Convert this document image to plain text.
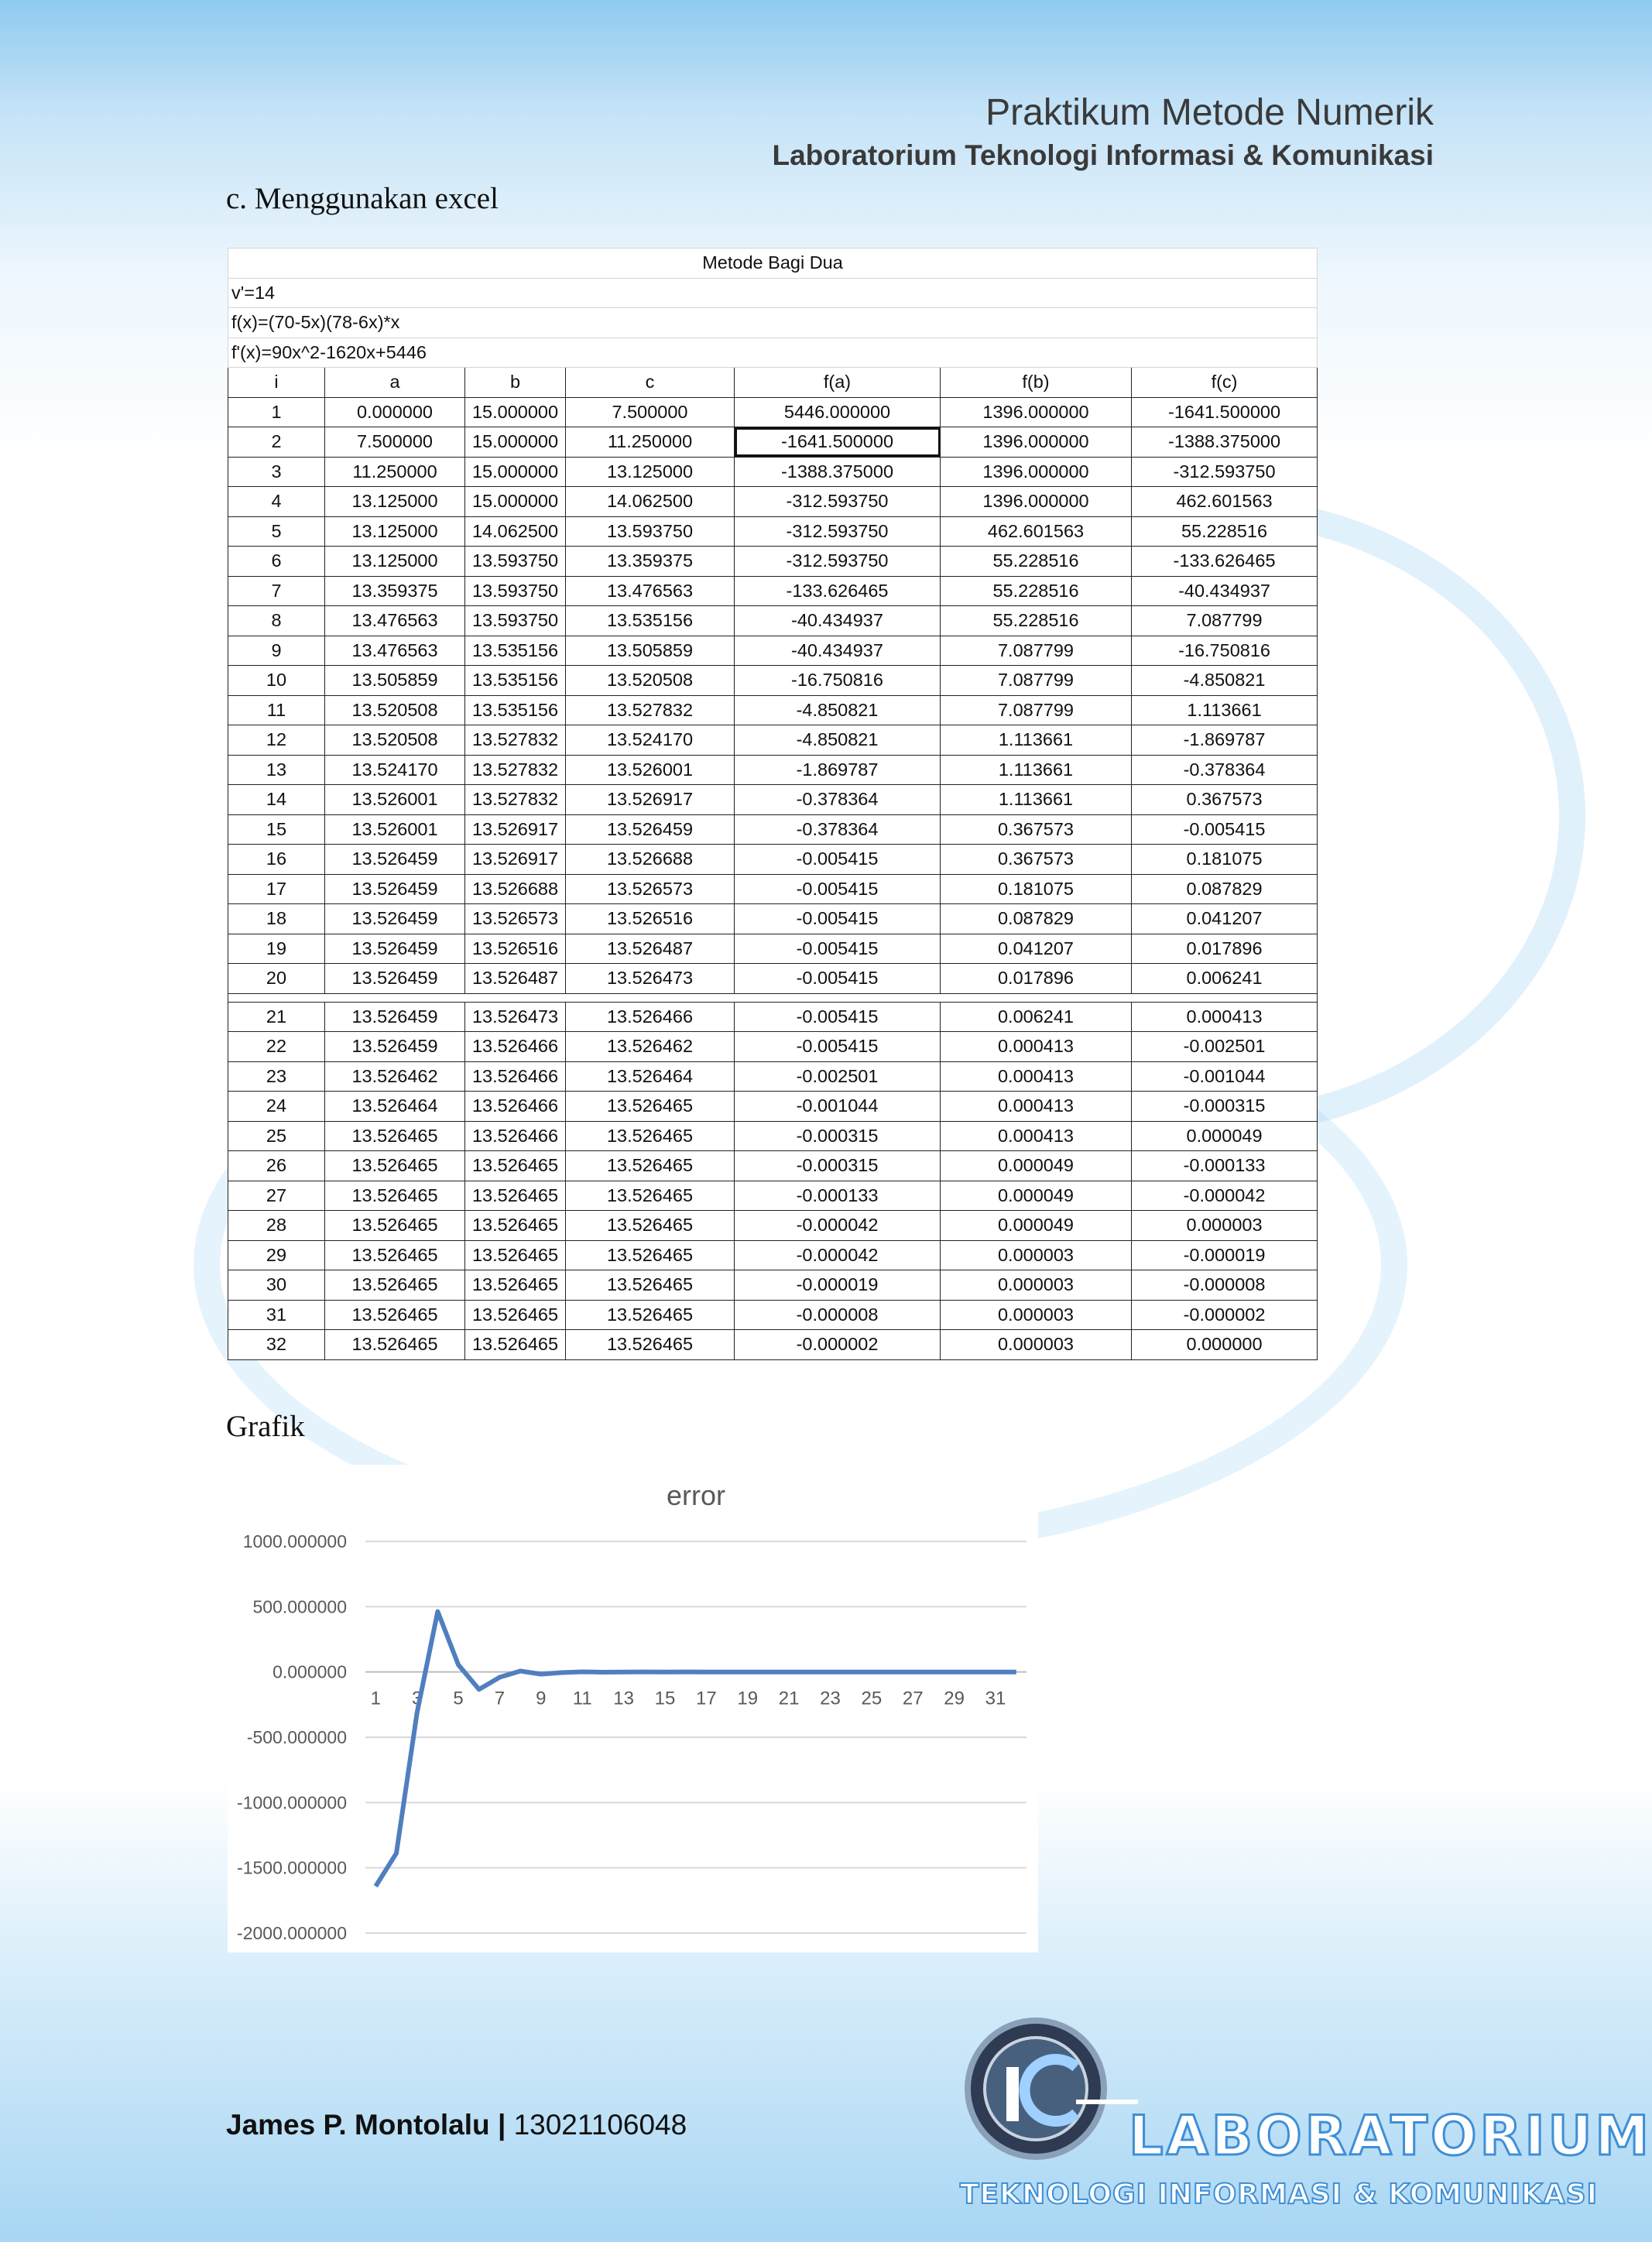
Praktikum Metode Numerik
Laboratorium Teknologi Informasi & Komunikasi
c. Menggunakan excel
Metode Bagi Dua						
v'=14						
f(x)=(70-5x)(78-6x)*x						
f'(x)=90x^2-1620x+5446						
i	a	b	c	f(a)	f(b)	f(c)
1	0.000000	15.000000	7.500000	5446.000000	1396.000000	-1641.500000
2	7.500000	15.000000	11.250000	-1641.500000	1396.000000	-1388.375000
3	11.250000	15.000000	13.125000	-1388.375000	1396.000000	-312.593750
4	13.125000	15.000000	14.062500	-312.593750	1396.000000	462.601563
5	13.125000	14.062500	13.593750	-312.593750	462.601563	55.228516
6	13.125000	13.593750	13.359375	-312.593750	55.228516	-133.626465
7	13.359375	13.593750	13.476563	-133.626465	55.228516	-40.434937
8	13.476563	13.593750	13.535156	-40.434937	55.228516	7.087799
9	13.476563	13.535156	13.505859	-40.434937	7.087799	-16.750816
10	13.505859	13.535156	13.520508	-16.750816	7.087799	-4.850821
11	13.520508	13.535156	13.527832	-4.850821	7.087799	1.113661
12	13.520508	13.527832	13.524170	-4.850821	1.113661	-1.869787
13	13.524170	13.527832	13.526001	-1.869787	1.113661	-0.378364
14	13.526001	13.527832	13.526917	-0.378364	1.113661	0.367573
15	13.526001	13.526917	13.526459	-0.378364	0.367573	-0.005415
16	13.526459	13.526917	13.526688	-0.005415	0.367573	0.181075
17	13.526459	13.526688	13.526573	-0.005415	0.181075	0.087829
18	13.526459	13.526573	13.526516	-0.005415	0.087829	0.041207
19	13.526459	13.526516	13.526487	-0.005415	0.041207	0.017896
20	13.526459	13.526487	13.526473	-0.005415	0.017896	0.006241

21	13.526459	13.526473	13.526466	-0.005415	0.006241	0.000413
22	13.526459	13.526466	13.526462	-0.005415	0.000413	-0.002501
23	13.526462	13.526466	13.526464	-0.002501	0.000413	-0.001044
24	13.526464	13.526466	13.526465	-0.001044	0.000413	-0.000315
25	13.526465	13.526466	13.526465	-0.000315	0.000413	0.000049
26	13.526465	13.526465	13.526465	-0.000315	0.000049	-0.000133
27	13.526465	13.526465	13.526465	-0.000133	0.000049	-0.000042
28	13.526465	13.526465	13.526465	-0.000042	0.000049	0.000003
29	13.526465	13.526465	13.526465	-0.000042	0.000003	-0.000019
30	13.526465	13.526465	13.526465	-0.000019	0.000003	-0.000008
31	13.526465	13.526465	13.526465	-0.000008	0.000003	-0.000002
32	13.526465	13.526465	13.526465	-0.000002	0.000003	0.000000
Grafik
error
1000.000000
500.000000
0.000000
-500.000000
-1000.000000
-1500.000000
-2000.000000
1 3 5 7 9 11 13 15 17 19 21 23 25 27 29 31
James P. Montolalu | 13021106048	LABORATORIUM
TEKNOLOGI INFORMASI & KOMUNIKASI
